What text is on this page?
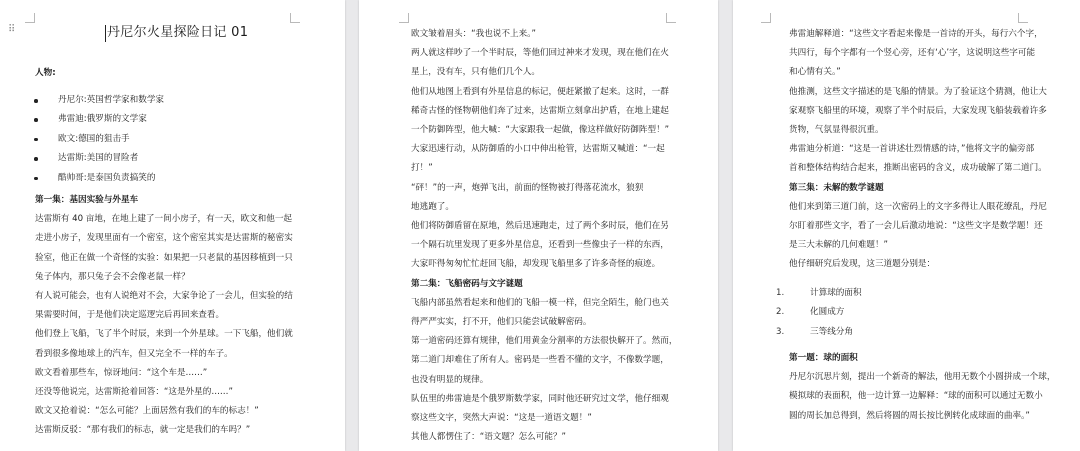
⠿	丹尼尔火星探险日记 01
人物:
丹尼尔:英国哲学家和数学家
弗雷迪:俄罗斯的文学家
欧文:德国的狙击手
达雷斯:美国的冒险者
酷帅哥:是泰国负责搞笑的

第一集：基因实验与外星车

达雷斯有 40 亩地，在地上建了一间小房子，有一天，欧文和他一起

走进小房子，发现里面有一个密室，这个密室其实是达雷斯的秘密实

验室，他正在做一个奇怪的实验：如果把一只老鼠的基因移植到一只

兔子体内，那只兔子会不会像老鼠一样？

有人说可能会，也有人说绝对不会，大家争论了一会儿，但实验的结

果需要时间，于是他们决定巡逻完后再回来查看。

他们登上飞船，飞了半个时辰，来到一个外星球。一下飞船，他们就

看到很多像地球上的汽车，但又完全不一样的车子。

欧文看着那些车，惊讶地问：“这个车是……”

还没等他说完，达雷斯抢着回答：“这是外星的……”

欧文又抢着说：“怎么可能？上面居然有我们的车的标志！”

达雷斯反驳：“那有我们的标志，就一定是我们的车吗？”

欧文皱着眉头：“我也说不上来。”

两人就这样吵了一个半时辰，等他们回过神来才发现，现在他们在火

星上，没有车，只有他们几个人。

他们从地图上看到有外星信息的标记，便赶紧撤了起来。这时，一群

稀奇古怪的怪物朝他们奔了过来，达雷斯立刻拿出护盾，在地上建起

一个防御阵型，他大喊：“大家跟我一起做，像这样做好防御阵型！”

大家迅速行动，从防御盾的小口中伸出枪管，达雷斯又喊道：“一起

打！”

“砰！”的一声，炮弹飞出，前面的怪物被打得落花流水，狼狈

地逃跑了。

他们将防御盾留在原地，然后迅速跑走，过了两个多时辰，他们在另

一个隔石坑里发现了更多外星信息，还看到一些像虫子一样的东西，

大家吓得匆匆忙忙赶回飞船，却发现飞船里多了许多奇怪的痕迹。

第二集：飞船密码与文字谜题

飞船内部虽然看起来和他们的飞船一模一样，但完全陌生，舱门也关

得严严实实，打不开，他们只能尝试破解密码。

第一道密码还算有规律，他们用黄金分割率的方法很快解开了。然而，

第二道门却难住了所有人。密码是一些看不懂的文字，不像数学题，

也没有明显的规律。

队伍里的弗雷迪是个俄罗斯数学家，同时他还研究过文学，他仔细观

察这些文字，突然大声说：“这是一道语文题！”

其他人都愣住了：“语文题？怎么可能？”

弗雷迪解释道：“这些文字看起来像是一首诗的开头，每行六个字，

共四行，每个字都有一个竖心旁，还有‘心’字，这说明这些字可能

和心情有关。”

他推测，这些文字描述的是飞船的情景。为了验证这个猜测，他让大

家观察飞船里的环境，观察了半个时辰后，大家发现飞船装载着许多

货物，气氛显得很沉重。

弗雷迪分析道：“这是一首讲述壮烈情感的诗，”他将文字的偏旁部

首和整体结构结合起来，推断出密码的含义，成功破解了第二道门。

第三集：未解的数学谜题

他们来到第三道门前，这一次密码上的文字多得让人眼花缭乱，丹尼

尔盯着那些文字，看了一会儿后激动地说：“这些文字是数学题！还

是三大未解的几何难题！”

他仔细研究后发现，这三道题分别是：

1.	计算球的面积
2.	化圆成方
3.	三等线分角

第一题：球的面积

丹尼尔沉思片刻，提出一个新奇的解法，他用无数个小圆拼成一个球，

模拟球的表面积，他一边计算一边解释：“球的面积可以通过无数小

圆的周长加总得到，然后将圆的周长按比例转化成球面的曲率。”
